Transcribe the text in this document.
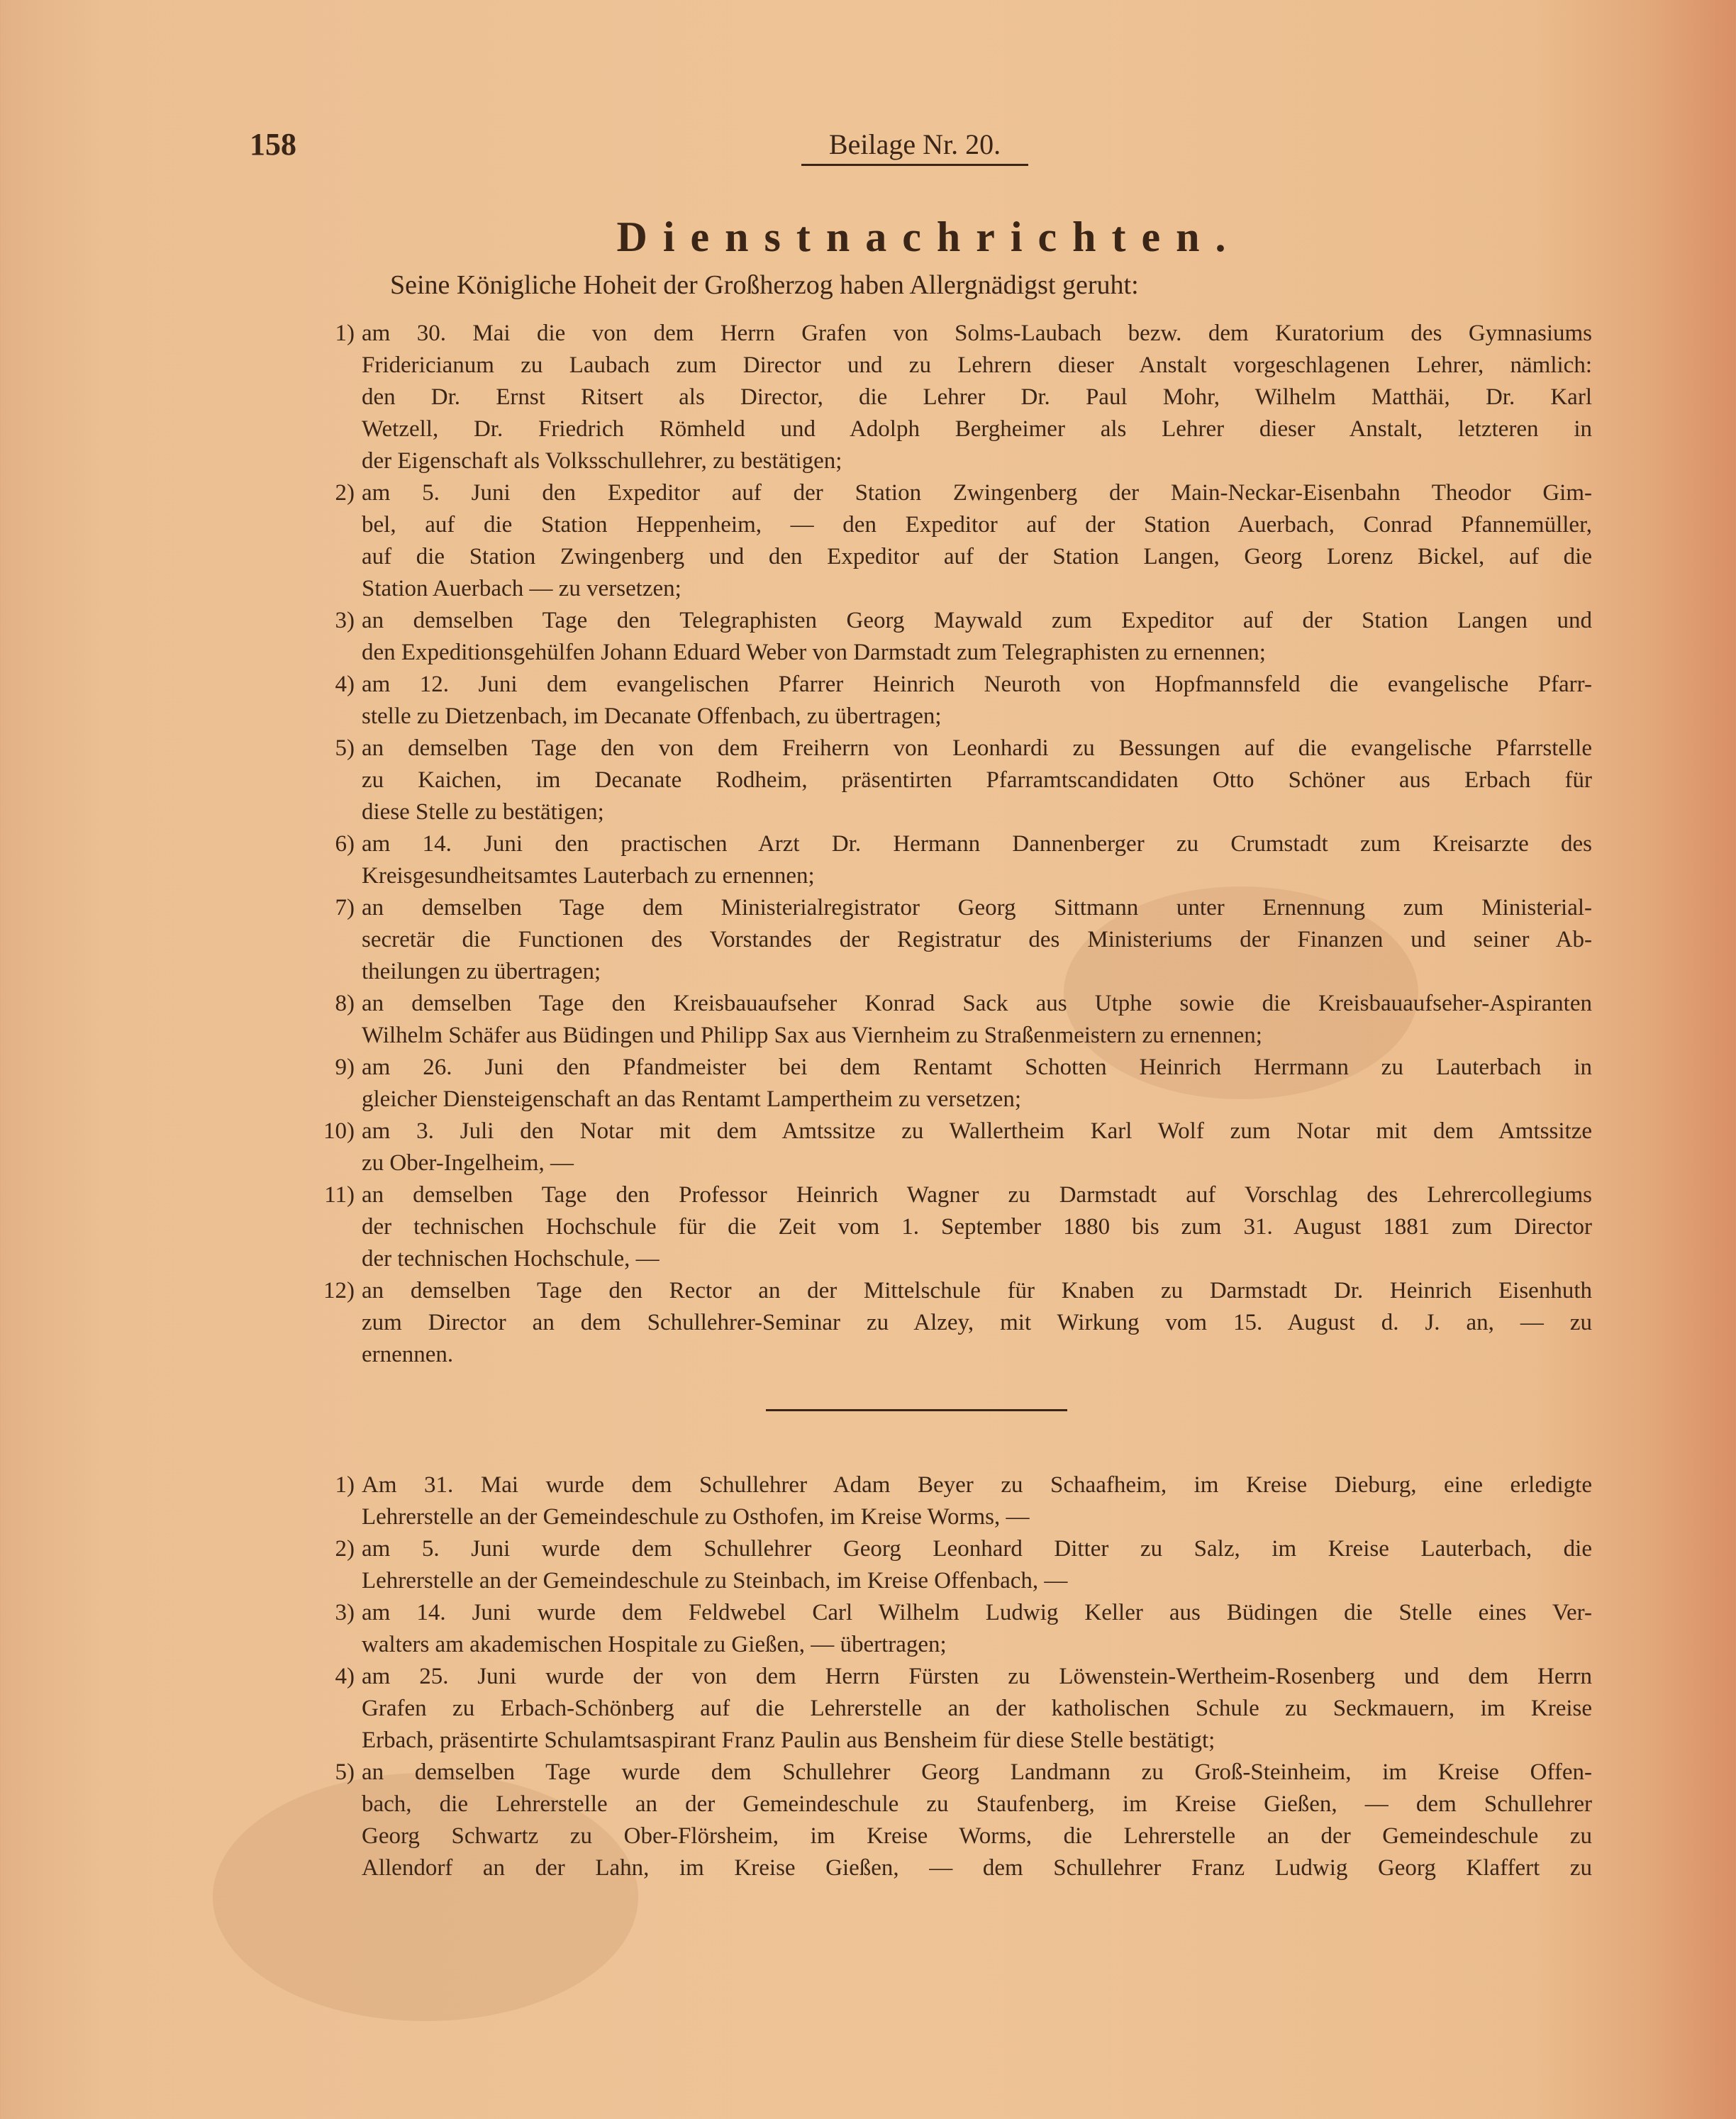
158	Beilage Nr. 20.
Dienstnachrichten.
Seine Königliche Hoheit der Großherzog haben Allergnädigst geruht:
1) am 30. Mai die von dem Herrn Grafen von Solms-Laubach bezw. dem Kuratorium des Gymnasiums
Fridericianum zu Laubach zum Director und zu Lehrern dieser Anstalt vorgeschlagenen Lehrer, nämlich:
den Dr. Ernst Ritsert als Director, die Lehrer Dr. Paul Mohr, Wilhelm Matthäi, Dr. Karl
Wetzell, Dr. Friedrich Römheld und Adolph Bergheimer als Lehrer dieser Anstalt, letzteren in
der Eigenschaft als Volksschullehrer, zu bestätigen;
2) am 5. Juni den Expeditor auf der Station Zwingenberg der Main-Neckar-Eisenbahn Theodor Gim-
bel, auf die Station Heppenheim, — den Expeditor auf der Station Auerbach, Conrad Pfannemüller,
auf die Station Zwingenberg und den Expeditor auf der Station Langen, Georg Lorenz Bickel, auf die
Station Auerbach — zu versetzen;
3) an demselben Tage den Telegraphisten Georg Maywald zum Expeditor auf der Station Langen und
den Expeditionsgehülfen Johann Eduard Weber von Darmstadt zum Telegraphisten zu ernennen;
4) am 12. Juni dem evangelischen Pfarrer Heinrich Neuroth von Hopfmannsfeld die evangelische Pfarr-
stelle zu Dietzenbach, im Decanate Offenbach, zu übertragen;
5) an demselben Tage den von dem Freiherrn von Leonhardi zu Bessungen auf die evangelische Pfarrstelle
zu Kaichen, im Decanate Rodheim, präsentirten Pfarramtscandidaten Otto Schöner aus Erbach für
diese Stelle zu bestätigen;
6) am 14. Juni den practischen Arzt Dr. Hermann Dannenberger zu Crumstadt zum Kreisarzte des
Kreisgesundheitsamtes Lauterbach zu ernennen;
7) an demselben Tage dem Ministerialregistrator Georg Sittmann unter Ernennung zum Ministerial-
secretär die Functionen des Vorstandes der Registratur des Ministeriums der Finanzen und seiner Ab-
theilungen zu übertragen;
8) an demselben Tage den Kreisbauaufseher Konrad Sack aus Utphe sowie die Kreisbauaufseher-Aspiranten
Wilhelm Schäfer aus Büdingen und Philipp Sax aus Viernheim zu Straßenmeistern zu ernennen;
9) am 26. Juni den Pfandmeister bei dem Rentamt Schotten Heinrich Herrmann zu Lauterbach in
gleicher Diensteigenschaft an das Rentamt Lampertheim zu versetzen;
10) am 3. Juli den Notar mit dem Amtssitze zu Wallertheim Karl Wolf zum Notar mit dem Amtssitze
zu Ober-Ingelheim, —
11) an demselben Tage den Professor Heinrich Wagner zu Darmstadt auf Vorschlag des Lehrercollegiums
der technischen Hochschule für die Zeit vom 1. September 1880 bis zum 31. August 1881 zum Director
der technischen Hochschule, —
12) an demselben Tage den Rector an der Mittelschule für Knaben zu Darmstadt Dr. Heinrich Eisenhuth
zum Director an dem Schullehrer-Seminar zu Alzey, mit Wirkung vom 15. August d. J. an, — zu
ernennen.
1) Am 31. Mai wurde dem Schullehrer Adam Beyer zu Schaafheim, im Kreise Dieburg, eine erledigte
Lehrerstelle an der Gemeindeschule zu Osthofen, im Kreise Worms, —
2) am 5. Juni wurde dem Schullehrer Georg Leonhard Ditter zu Salz, im Kreise Lauterbach, die
Lehrerstelle an der Gemeindeschule zu Steinbach, im Kreise Offenbach, —
3) am 14. Juni wurde dem Feldwebel Carl Wilhelm Ludwig Keller aus Büdingen die Stelle eines Ver-
walters am akademischen Hospitale zu Gießen, — übertragen;
4) am 25. Juni wurde der von dem Herrn Fürsten zu Löwenstein-Wertheim-Rosenberg und dem Herrn
Grafen zu Erbach-Schönberg auf die Lehrerstelle an der katholischen Schule zu Seckmauern, im Kreise
Erbach, präsentirte Schulamtsaspirant Franz Paulin aus Bensheim für diese Stelle bestätigt;
5) an demselben Tage wurde dem Schullehrer Georg Landmann zu Groß-Steinheim, im Kreise Offen-
bach, die Lehrerstelle an der Gemeindeschule zu Staufenberg, im Kreise Gießen, — dem Schullehrer
Georg Schwartz zu Ober-Flörsheim, im Kreise Worms, die Lehrerstelle an der Gemeindeschule zu
Allendorf an der Lahn, im Kreise Gießen, — dem Schullehrer Franz Ludwig Georg Klaffert zu
